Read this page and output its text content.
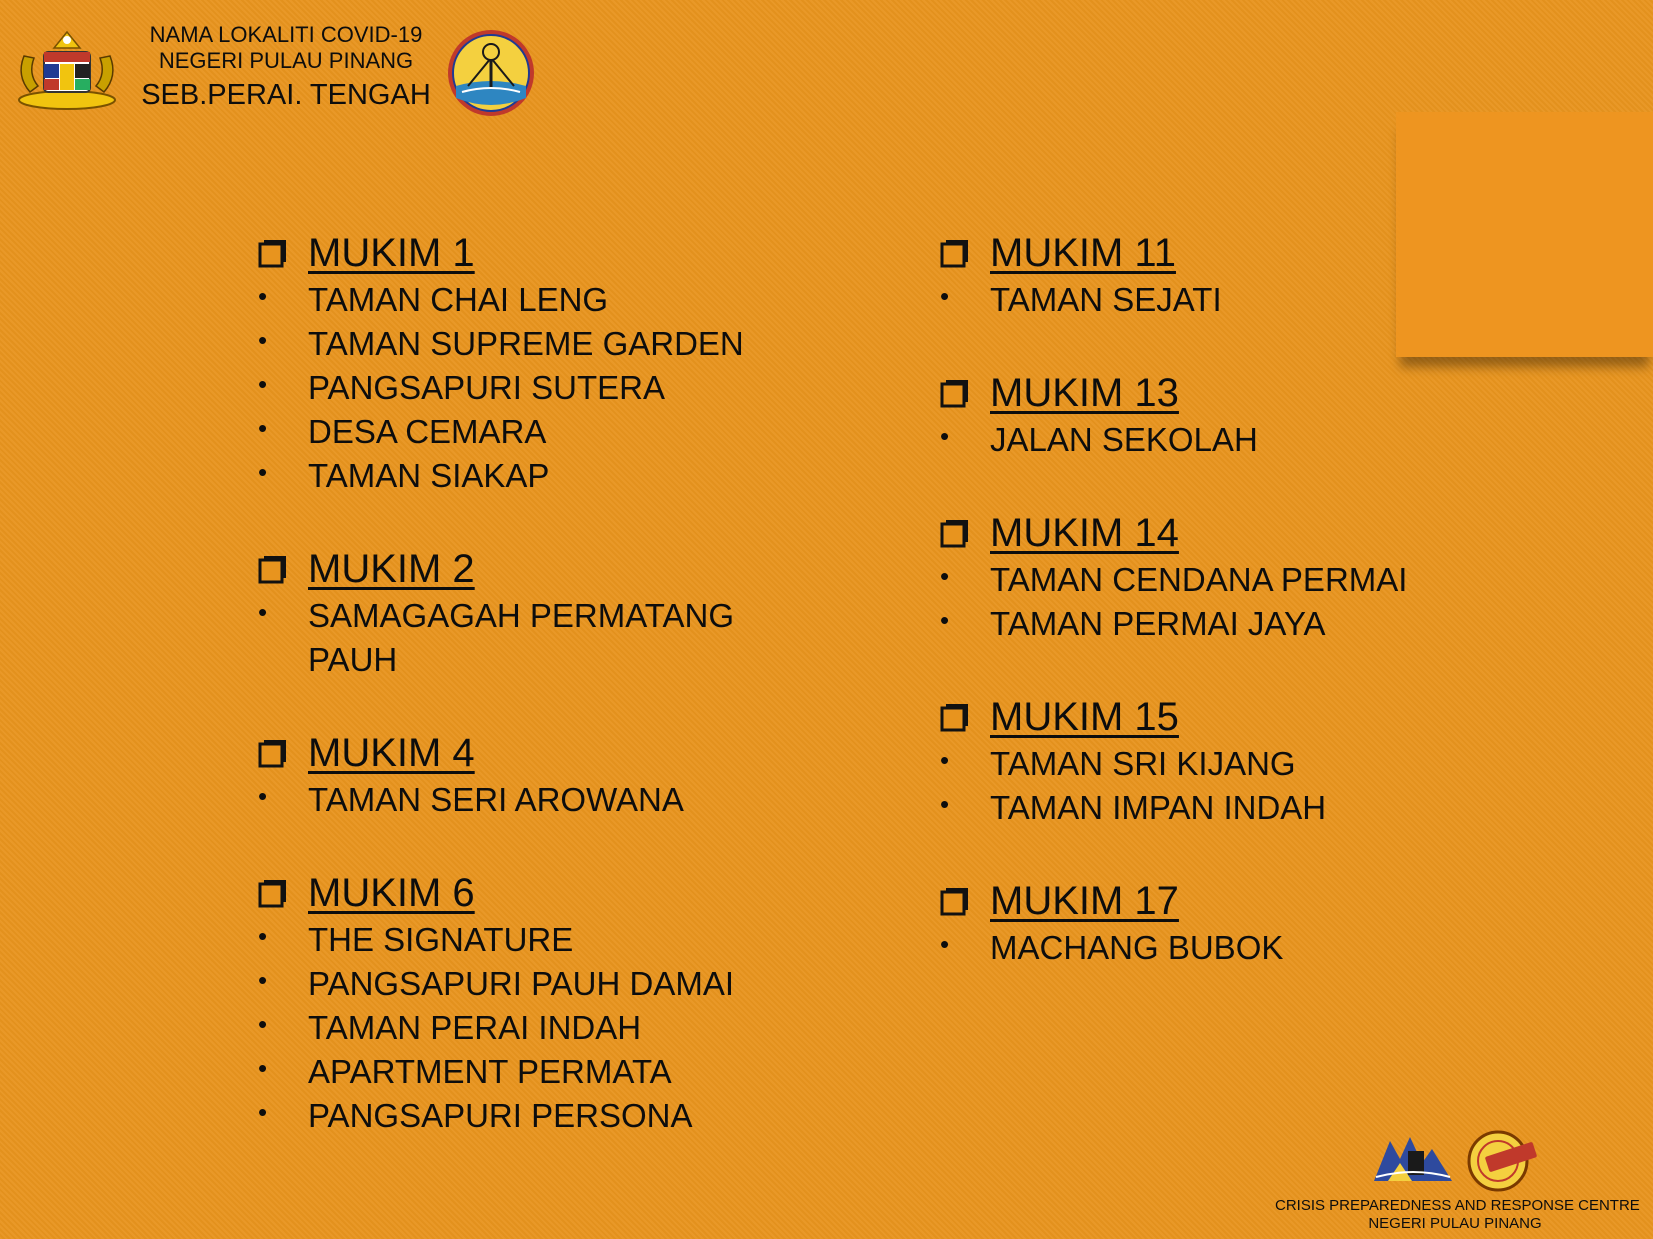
NAMA LOKALITI COVID-19
NEGERI PULAU PINANG
SEB.PERAI. TENGAH
MUKIM 1
• TAMAN CHAI LENG
• TAMAN SUPREME GARDEN
• PANGSAPURI SUTERA
• DESA CEMARA
• TAMAN SIAKAP
MUKIM 2
• SAMAGAGAH PERMATANG PAUH
MUKIM 4
• TAMAN SERI AROWANA
MUKIM 6
• THE SIGNATURE
• PANGSAPURI PAUH DAMAI
• TAMAN PERAI INDAH
• APARTMENT PERMATA
• PANGSAPURI PERSONA
MUKIM 11
• TAMAN SEJATI
MUKIM 13
• JALAN SEKOLAH
MUKIM 14
• TAMAN CENDANA PERMAI
• TAMAN PERMAI JAYA
MUKIM 15
• TAMAN SRI KIJANG
• TAMAN IMPAN INDAH
MUKIM 17
• MACHANG BUBOK
CRISIS PREPAREDNESS AND RESPONSE CENTRE
NEGERI PULAU PINANG
